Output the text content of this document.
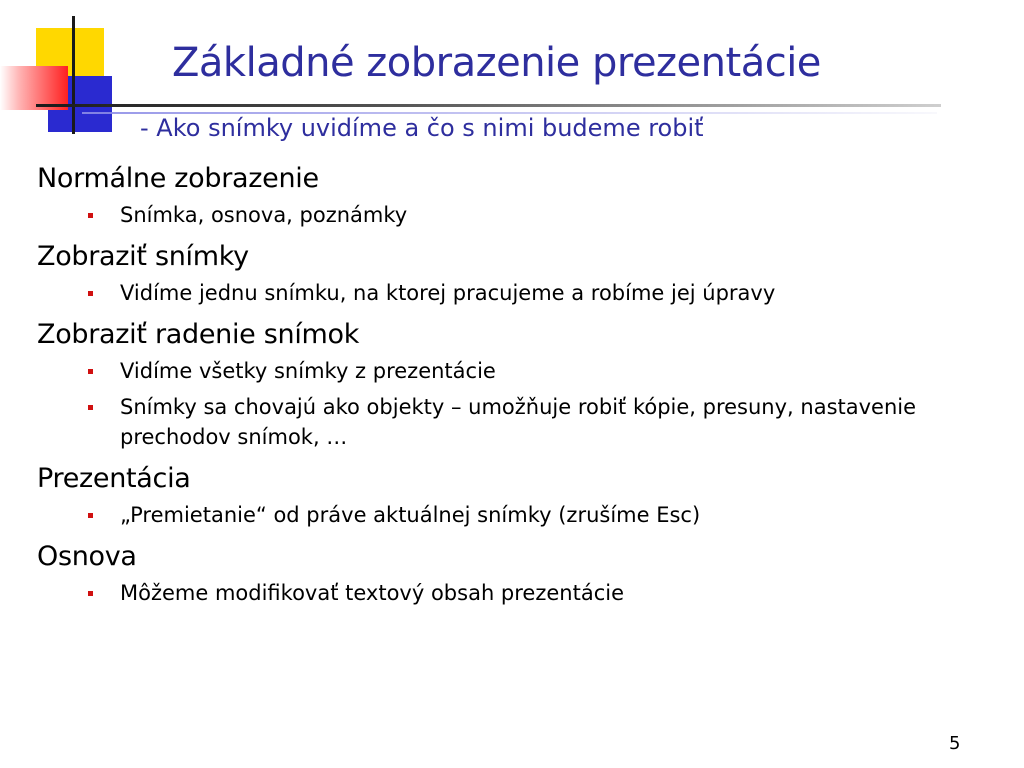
Základné zobrazenie prezentácie
- Ako snímky uvidíme a čo s nimi budeme robiť

Normálne zobrazenie

Snímka, osnova, poznámky

Zobraziť snímky

Vidíme jednu snímku, na ktorej pracujeme a robíme jej úpravy

Zobraziť radenie snímok

Vidíme všetky snímky z prezentácie
Snímky sa chovajú ako objekty – umožňuje robiť kópie, presuny, nastavenie prechodov snímok, …

Prezentácia

„Premietanie“ od práve aktuálnej snímky (zrušíme Esc)

Osnova

Môžeme modifikovať textový obsah prezentácie
5
